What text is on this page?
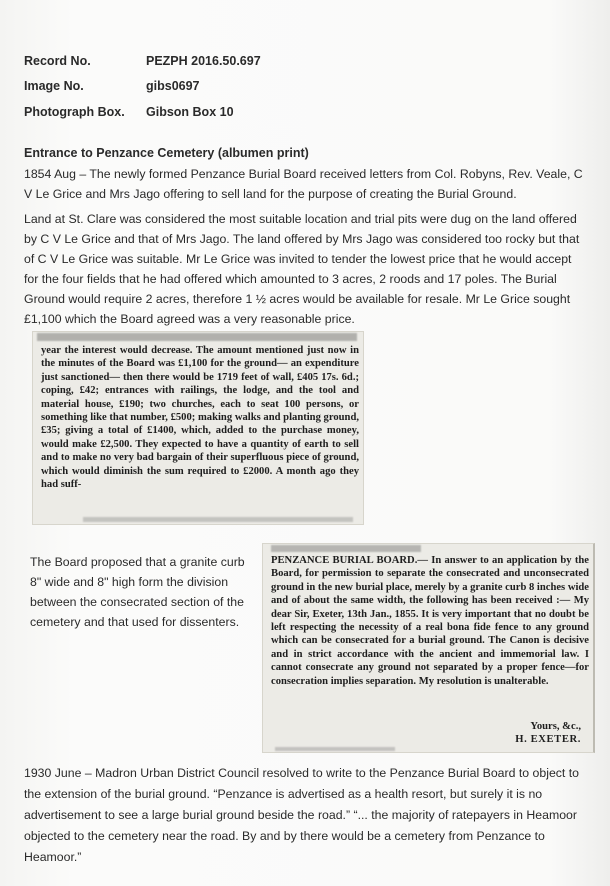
Record No.	PEZPH 2016.50.697
Image No.	gibs0697
Photograph Box.	Gibson Box 10
Entrance to Penzance Cemetery (albumen print)
1854 Aug – The newly formed Penzance Burial Board received letters from Col. Robyns, Rev. Veale, C V Le Grice and Mrs Jago offering to sell land for the purpose of creating the Burial Ground.
Land at St. Clare was considered the most suitable location and trial pits were dug on the land offered by C V Le Grice and that of Mrs Jago. The land offered by Mrs Jago was considered too rocky but that of C V Le Grice was suitable. Mr Le Grice was invited to tender the lowest price that he would accept for the four fields that he had offered which amounted to 3 acres, 2 roods and 17 poles. The Burial Ground would require 2 acres, therefore 1 ½ acres would be available for resale. Mr Le Grice sought £1,100 which the Board agreed was a very reasonable price.
year the interest would decrease. The amount mentioned just now in the minutes of the Board was £1,100 for the ground— an expenditure just sanctioned— then there would be 1719 feet of wall, £405 17s. 6d.; coping, £42; entrances with railings, the lodge, and the tool and material house, £190; two churches, each to seat 100 persons, or something like that number, £500; making walks and planting ground, £35; giving a total of £1400, which, added to the purchase money, would make £2,500. They expected to have a quantity of earth to sell and to make no very bad bargain of their superfluous piece of ground, which would diminish the sum required to £2000. A month ago they had suff-
The Board proposed that a granite curb 8" wide and 8" high form the division between the consecrated section of the cemetery and that used for dissenters.
PENZANCE BURIAL BOARD.— In answer to an application by the Board, for permission to separate the consecrated and unconsecrated ground in the new burial place, merely by a granite curb 8 inches wide and of about the same width, the following has been received :— My dear Sir, Exeter, 13th Jan., 1855. It is very important that no doubt be left respecting the necessity of a real bona fide fence to any ground which can be consecrated for a burial ground. The Canon is decisive and in strict accordance with the ancient and immemorial law. I cannot consecrate any ground not separated by a proper fence—for consecration implies separation. My resolution is unalterable.
Yours, &c.,
H. EXETER.
1930 June – Madron Urban District Council resolved to write to the Penzance Burial Board to object to the extension of the burial ground. “Penzance is advertised as a health resort, but surely it is no advertisement to see a large burial ground beside the road.” “... the majority of ratepayers in Heamoor objected to the cemetery near the road. By and by there would be a cemetery from Penzance to Heamoor.”
